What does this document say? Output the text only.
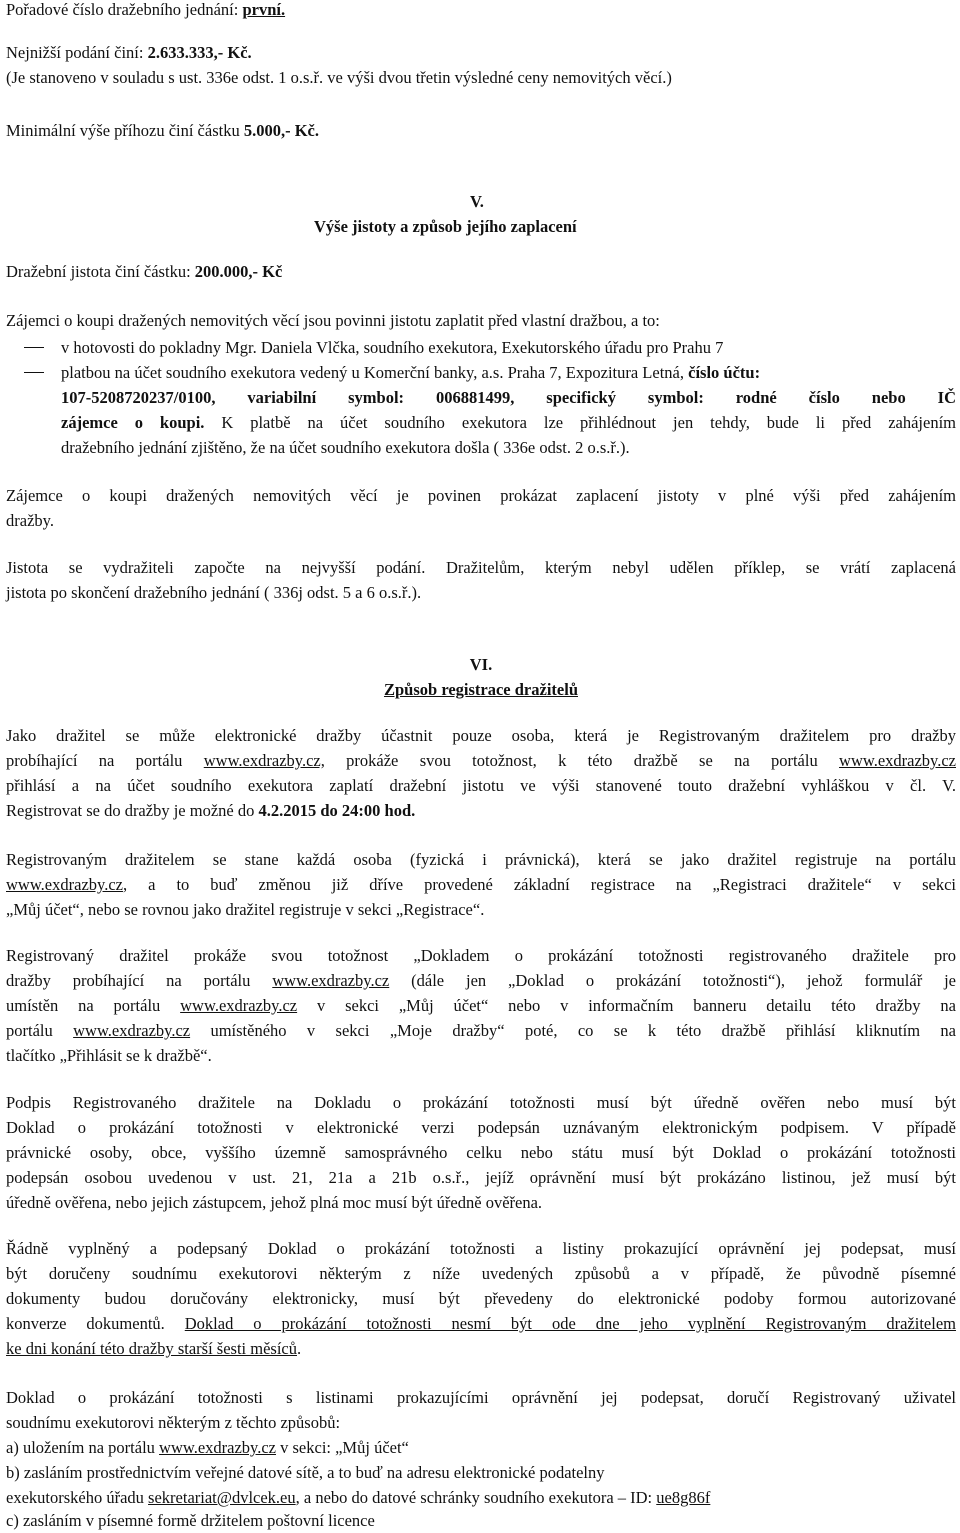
Pořadové číslo dražebního jednání: první.
Nejnižší podání činí: 2.633.333,- Kč.
(Je stanoveno v souladu s ust. 336e odst. 1 o.s.ř. ve výši dvou třetin výsledné ceny nemovitých věcí.)
Minimální výše příhozu činí částku 5.000,- Kč.
V.
Výše jistoty a způsob jejího zaplacení
Dražební jistota činí částku: 200.000,- Kč
Zájemci o koupi dražených nemovitých věcí jsou povinni jistotu zaplatit před vlastní dražbou, a to:
v hotovosti do pokladny Mgr. Daniela Vlčka, soudního exekutora, Exekutorského úřadu pro Prahu 7
platbou na účet soudního exekutora vedený u Komerční banky, a.s. Praha 7, Expozitura Letná, číslo účtu:
107-5208720237/0100, variabilní symbol: 006881499, specifický symbol: rodné číslo nebo IČ
zájemce o koupi. K platbě na účet soudního exekutora lze přihlédnout jen tehdy, bude li před zahájením
dražebního jednání zjištěno, že na účet soudního exekutora došla ( 336e odst. 2 o.s.ř.).
Zájemce o koupi dražených nemovitých věcí je povinen prokázat zaplacení jistoty v plné výši před zahájením
dražby.
Jistota se vydražiteli započte na nejvyšší podání. Dražitelům, kterým nebyl udělen příklep, se vrátí zaplacená
jistota po skončení dražebního jednání ( 336j odst. 5 a 6 o.s.ř.).
VI.
Způsob registrace dražitelů
Jako dražitel se může elektronické dražby účastnit pouze osoba, která je Registrovaným dražitelem pro dražby
probíhající na portálu www.exdrazby.cz, prokáže svou totožnost, k této dražbě se na portálu www.exdrazby.cz
přihlásí a na účet soudního exekutora zaplatí dražební jistotu ve výši stanovené touto dražební vyhláškou v čl. V.
Registrovat se do dražby je možné do 4.2.2015 do 24:00 hod.
Registrovaným dražitelem se stane každá osoba (fyzická i právnická), která se jako dražitel registruje na portálu
www.exdrazby.cz, a to buď změnou již dříve provedené základní registrace na „Registraci dražitele“ v sekci
„Můj účet“, nebo se rovnou jako dražitel registruje v sekci „Registrace“.
Registrovaný dražitel prokáže svou totožnost „Dokladem o prokázání totožnosti registrovaného dražitele pro
dražby probíhající na portálu www.exdrazby.cz (dále jen „Doklad o prokázání totožnosti“), jehož formulář je
umístěn na portálu www.exdrazby.cz v sekci „Můj účet“ nebo v informačním banneru detailu této dražby na
portálu www.exdrazby.cz umístěného v sekci „Moje dražby“ poté, co se k této dražbě přihlásí kliknutím na
tlačítko „Přihlásit se k dražbě“.
Podpis Registrovaného dražitele na Dokladu o prokázání totožnosti musí být úředně ověřen nebo musí být
Doklad o prokázání totožnosti v elektronické verzi podepsán uznávaným elektronickým podpisem. V případě
právnické osoby, obce, vyššího územně samosprávného celku nebo státu musí být Doklad o prokázání totožnosti
podepsán osobou uvedenou v ust. 21, 21a a 21b o.s.ř., jejíž oprávnění musí být prokázáno listinou, jež musí být
úředně ověřena, nebo jejich zástupcem, jehož plná moc musí být úředně ověřena.
Řádně vyplněný a podepsaný Doklad o prokázání totožnosti a listiny prokazující oprávnění jej podepsat, musí
být doručeny soudnímu exekutorovi některým z níže uvedených způsobů a v případě, že původně písemné
dokumenty budou doručovány elektronicky, musí být převedeny do elektronické podoby formou autorizované
konverze dokumentů. Doklad o prokázání totožnosti nesmí být ode dne jeho vyplnění Registrovaným dražitelem
ke dni konání této dražby starší šesti měsíců.
Doklad o prokázání totožnosti s listinami prokazujícími oprávnění jej podepsat, doručí Registrovaný uživatel
soudnímu exekutorovi některým z těchto způsobů:
a) uložením na portálu www.exdrazby.cz v sekci: „Můj účet“
b) zasláním prostřednictvím veřejné datové sítě, a to buď na adresu elektronické podatelny
exekutorského úřadu sekretariat@dvlcek.eu, a nebo do datové schránky soudního exekutora – ID: ue8g86f
c) zasláním v písemné formě držitelem poštovní licence
